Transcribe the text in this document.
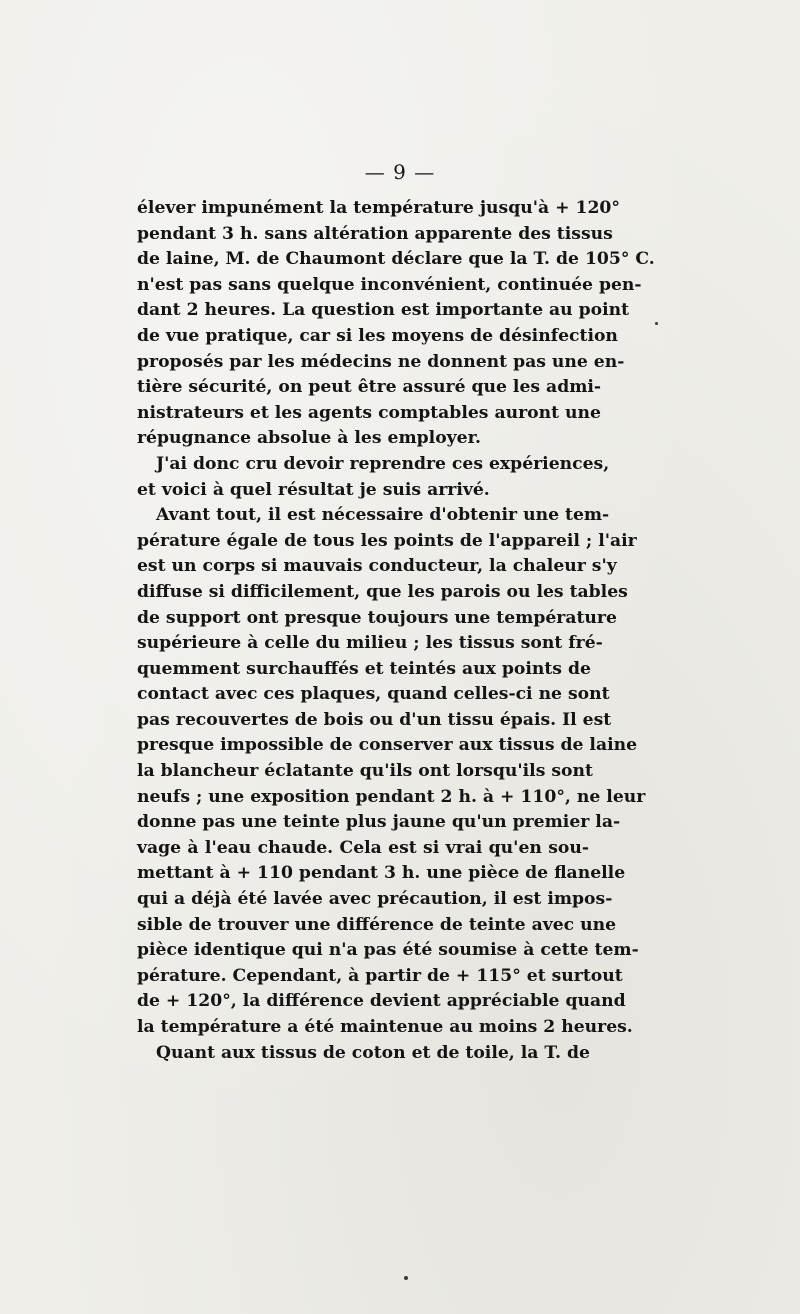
— 9 —
élever impunément la température jusqu'à + 120°
pendant 3 h. sans altération apparente des tissus
de laine, M. de Chaumont déclare que la T. de 105° C.
n'est pas sans quelque inconvénient, continuée pen-
dant 2 heures. La question est importante au point
de vue pratique, car si les moyens de désinfection
proposés par les médecins ne donnent pas une en-
tière sécurité, on peut être assuré que les admi-
nistrateurs et les agents comptables auront une
répugnance absolue à les employer.
J'ai donc cru devoir reprendre ces expériences,
et voici à quel résultat je suis arrivé.
Avant tout, il est nécessaire d'obtenir une tem-
pérature égale de tous les points de l'appareil ; l'air
est un corps si mauvais conducteur, la chaleur s'y
diffuse si difficilement, que les parois ou les tables
de support ont presque toujours une température
supérieure à celle du milieu ; les tissus sont fré-
quemment surchauffés et teintés aux points de
contact avec ces plaques, quand celles-ci ne sont
pas recouvertes de bois ou d'un tissu épais. Il est
presque impossible de conserver aux tissus de laine
la blancheur éclatante qu'ils ont lorsqu'ils sont
neufs ; une exposition pendant 2 h. à + 110°, ne leur
donne pas une teinte plus jaune qu'un premier la-
vage à l'eau chaude. Cela est si vrai qu'en sou-
mettant à + 110 pendant 3 h. une pièce de flanelle
qui a déjà été lavée avec précaution, il est impos-
sible de trouver une différence de teinte avec une
pièce identique qui n'a pas été soumise à cette tem-
pérature. Cependant, à partir de + 115° et surtout
de + 120°, la différence devient appréciable quand
la température a été maintenue au moins 2 heures.
Quant aux tissus de coton et de toile, la T. de
